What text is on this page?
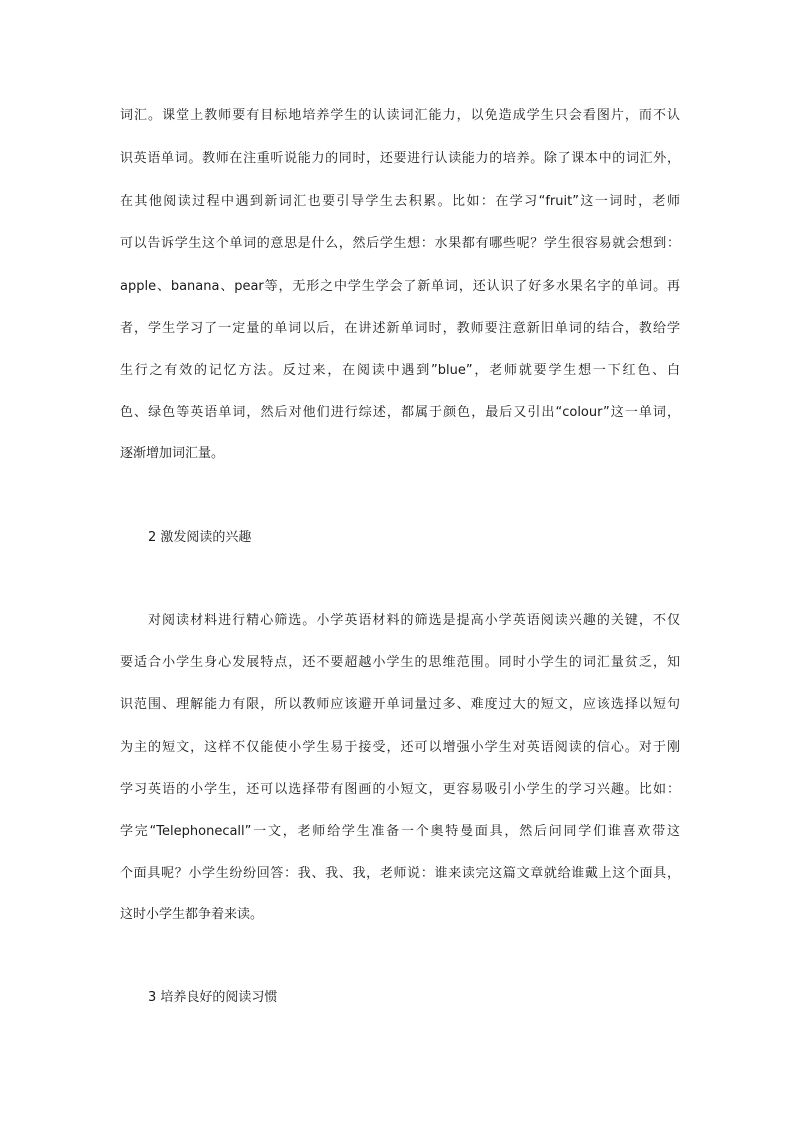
词汇。课堂上教师要有目标地培养学生的认读词汇能力，以免造成学生只会看图片，而不认
识英语单词。教师在注重听说能力的同时，还要进行认读能力的培养。除了课本中的词汇外，
在其他阅读过程中遇到新词汇也要引导学生去积累。比如：在学习“fruit”这一词时，老师
可以告诉学生这个单词的意思是什么，然后学生想：水果都有哪些呢？学生很容易就会想到：
apple、banana、pear等，无形之中学生学会了新单词，还认识了好多水果名字的单词。再
者，学生学习了一定量的单词以后，在讲述新单词时，教师要注意新旧单词的结合，教给学
生行之有效的记忆方法。反过来，在阅读中遇到”blue”，老师就要学生想一下红色、白
色、绿色等英语单词，然后对他们进行综述，都属于颜色，最后又引出“colour”这一单词，
逐渐增加词汇量。
2 激发阅读的兴趣
对阅读材料进行精心筛选。小学英语材料的筛选是提高小学英语阅读兴趣的关键，不仅
要适合小学生身心发展特点，还不要超越小学生的思维范围。同时小学生的词汇量贫乏，知
识范围、理解能力有限，所以教师应该避开单词量过多、难度过大的短文，应该选择以短句
为主的短文，这样不仅能使小学生易于接受，还可以增强小学生对英语阅读的信心。对于刚
学习英语的小学生，还可以选择带有图画的小短文，更容易吸引小学生的学习兴趣。比如：
学完“Telephonecall”一文，老师给学生准备一个奥特曼面具，然后问同学们谁喜欢带这
个面具呢？小学生纷纷回答：我、我、我，老师说：谁来读完这篇文章就给谁戴上这个面具，
这时小学生都争着来读。
3 培养良好的阅读习惯
